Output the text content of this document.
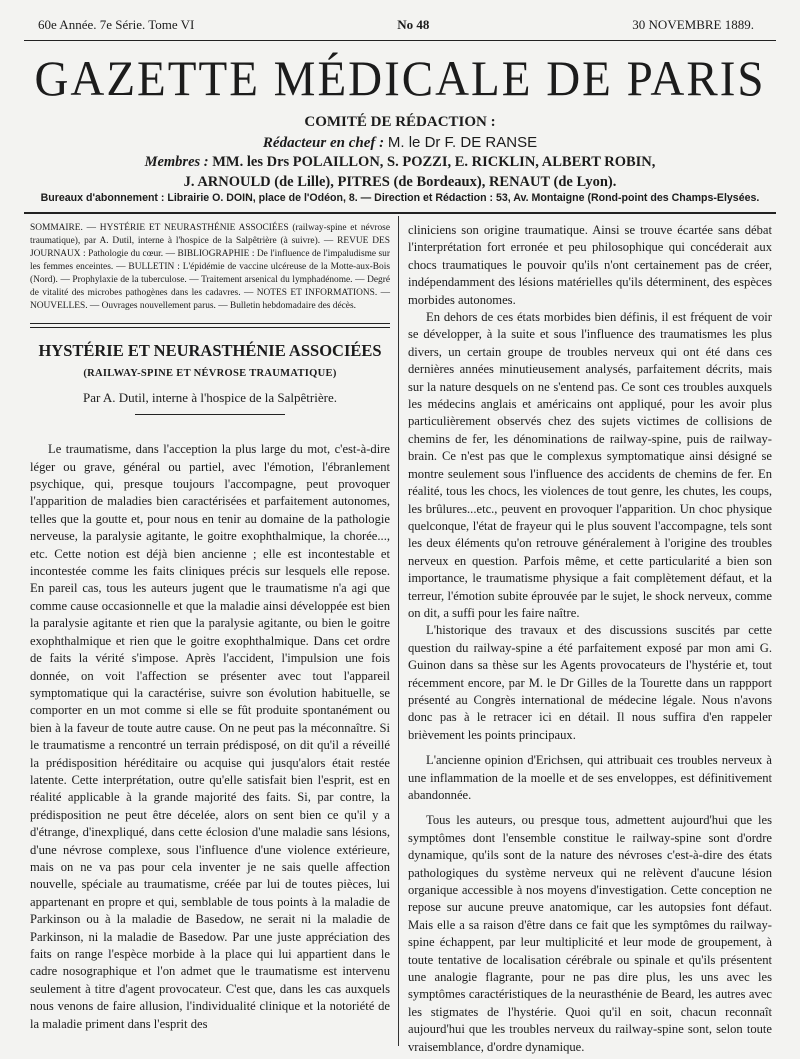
60e Année. 7e Série. Tome VI	No 48	30 NOVEMBRE 1889.
GAZETTE MÉDICALE DE PARIS
COMITÉ DE RÉDACTION :
Rédacteur en chef : M. le Dr F. DE RANSE
Membres : MM. les Drs POLAILLON, S. POZZI, E. RICKLIN, ALBERT ROBIN,
J. ARNOULD (de Lille), PITRES (de Bordeaux), RENAUT (de Lyon).
Bureaux d'abonnement : Librairie O. DOIN, place de l'Odéon, 8. — Direction et Rédaction : 53, Av. Montaigne (Rond-point des Champs-Elysées.
SOMMAIRE. — HYSTÉRIE ET NEURASTHÉNIE ASSOCIÉES (railway-spine et névrose traumatique), par A. Dutil, interne à l'hospice de la Salpêtrière (à suivre). — REVUE DES JOURNAUX : Pathologie du cœur. — BIBLIOGRAPHIE : De l'influence de l'impaludisme sur les femmes enceintes. — BULLETIN : L'épidémie de vaccine ulcéreuse de la Motte-aux-Bois (Nord). — Prophylaxie de la tuberculose. — Traitement arsenical du lymphadénome. — Degré de vitalité des microbes pathogènes dans les cadavres. — NOTES ET INFORMATIONS. — NOUVELLES. — Ouvrages nouvellement parus. — Bulletin hebdomadaire des décès.
HYSTÉRIE ET NEURASTHÉNIE ASSOCIÉES
(RAILWAY-SPINE ET NÉVROSE TRAUMATIQUE)
Par A. Dutil, interne à l'hospice de la Salpêtrière.

Le traumatisme, dans l'acception la plus large du mot, c'est-à-dire léger ou grave, général ou partiel, avec l'émotion, l'ébranlement psychique, qui, presque toujours l'accompagne, peut provoquer l'apparition de maladies bien caractérisées et parfaitement autonomes, telles que la goutte et, pour nous en tenir au domaine de la pathologie nerveuse, la paralysie agitante, le goitre exophthalmique, la chorée..., etc. Cette notion est déjà bien ancienne ; elle est incontestable et incontestée comme les faits cliniques précis sur lesquels elle repose. En pareil cas, tous les auteurs jugent que le traumatisme n'a agi que comme cause occasionnelle et que la maladie ainsi développée est bien la paralysie agitante et rien que la paralysie agitante, ou bien le goitre exophthalmique et rien que le goitre exophthalmique. Dans cet ordre de faits la vérité s'impose. Après l'accident, l'impulsion une fois donnée, on voit l'affection se présenter avec tout l'appareil symptomatique qui la caractérise, suivre son évolution habituelle, se comporter en un mot comme si elle se fût produite spontanément ou bien à la faveur de toute autre cause. On ne peut pas la méconnaître. Si le traumatisme a rencontré un terrain prédisposé, on dit qu'il a réveillé la prédisposition héréditaire ou acquise qui jusqu'alors était restée latente. Cette interprétation, outre qu'elle satisfait bien l'esprit, est en réalité applicable à la grande majorité des faits. Si, par contre, la prédisposition ne peut être décelée, alors on sent bien ce qu'il y a d'étrange, d'inexpliqué, dans cette éclosion d'une maladie sans lésions, d'une névrose complexe, sous l'influence d'une violence extérieure, mais on ne va pas pour cela inventer je ne sais quelle affection nouvelle, spéciale au traumatisme, créée par lui de toutes pièces, lui appartenant en propre et qui, semblable de tous points à la maladie de Parkinson ou à la maladie de Basedow, ne serait ni la maladie de Parkinson, ni la maladie de Basedow. Par une juste appréciation des faits on range l'espèce morbide à la place qui lui appartient dans le cadre nosographique et l'on admet que le traumatisme est intervenu seulement à titre d'agent provocateur. C'est que, dans les cas auxquels nous venons de faire allusion, l'individualité clinique et la notoriété de la maladie priment dans l'esprit des

cliniciens son origine traumatique. Ainsi se trouve écartée sans débat l'interprétation fort erronée et peu philosophique qui concéderait aux chocs traumatiques le pouvoir qu'ils n'ont certainement pas de créer, indépendamment des lésions matérielles qu'ils déterminent, des espèces morbides autonomes.

En dehors de ces états morbides bien définis, il est fréquent de voir se développer, à la suite et sous l'influence des traumatismes les plus divers, un certain groupe de troubles nerveux qui ont été dans ces dernières années minutieusement analysés, parfaitement décrits, mais sur la nature desquels on ne s'entend pas. Ce sont ces troubles auxquels les médecins anglais et américains ont appliqué, pour les avoir plus particulièrement observés chez des sujets victimes de collisions de chemins de fer, les dénominations de railway-spine, puis de railway-brain. Ce n'est pas que le complexus symptomatique ainsi désigné se montre seulement sous l'influence des accidents de chemins de fer. En réalité, tous les chocs, les violences de tout genre, les chutes, les coups, les brûlures...etc., peuvent en provoquer l'apparition. Un choc physique quelconque, l'état de frayeur qui le plus souvent l'accompagne, tels sont les deux éléments qu'on retrouve généralement à l'origine des troubles nerveux en question. Parfois même, et cette particularité a bien son importance, le traumatisme physique a fait complètement défaut, et la terreur, l'émotion subite éprouvée par le sujet, le shock nerveux, comme on dit, a suffi pour les faire naître.

L'historique des travaux et des discussions suscités par cette question du railway-spine a été parfaitement exposé par mon ami G. Guinon dans sa thèse sur les Agents provocateurs de l'hystérie et, tout récemment encore, par M. le Dr Gilles de la Tourette dans un rappport présenté au Congrès international de médecine légale. Nous n'avons donc pas à le retracer ici en détail. Il nous suffira d'en rappeler brièvement les points principaux.

L'ancienne opinion d'Erichsen, qui attribuait ces troubles nerveux à une inflammation de la moelle et de ses enveloppes, est définitivement abandonnée.

Tous les auteurs, ou presque tous, admettent aujourd'hui que les symptômes dont l'ensemble constitue le railway-spine sont d'ordre dynamique, qu'ils sont de la nature des névroses c'est-à-dire des états pathologiques du système nerveux qui ne relèvent d'aucune lésion organique accessible à nos moyens d'investigation. Cette conception ne repose sur aucune preuve anatomique, car les autopsies font défaut. Mais elle a sa raison d'être dans ce fait que les symptômes du railway-spine échappent, par leur multiplicité et leur mode de groupement, à toute tentative de localisation cérébrale ou spinale et qu'ils présentent une analogie flagrante, pour ne pas dire plus, les uns avec les symptômes caractéristiques de la neurasthénie de Beard, les autres avec les stigmates de l'hystérie. Quoi qu'il en soit, chacun reconnaît aujourd'hui que les troubles nerveux du railway-spine sont, selon toute vraisemblance, d'ordre dynamique.
